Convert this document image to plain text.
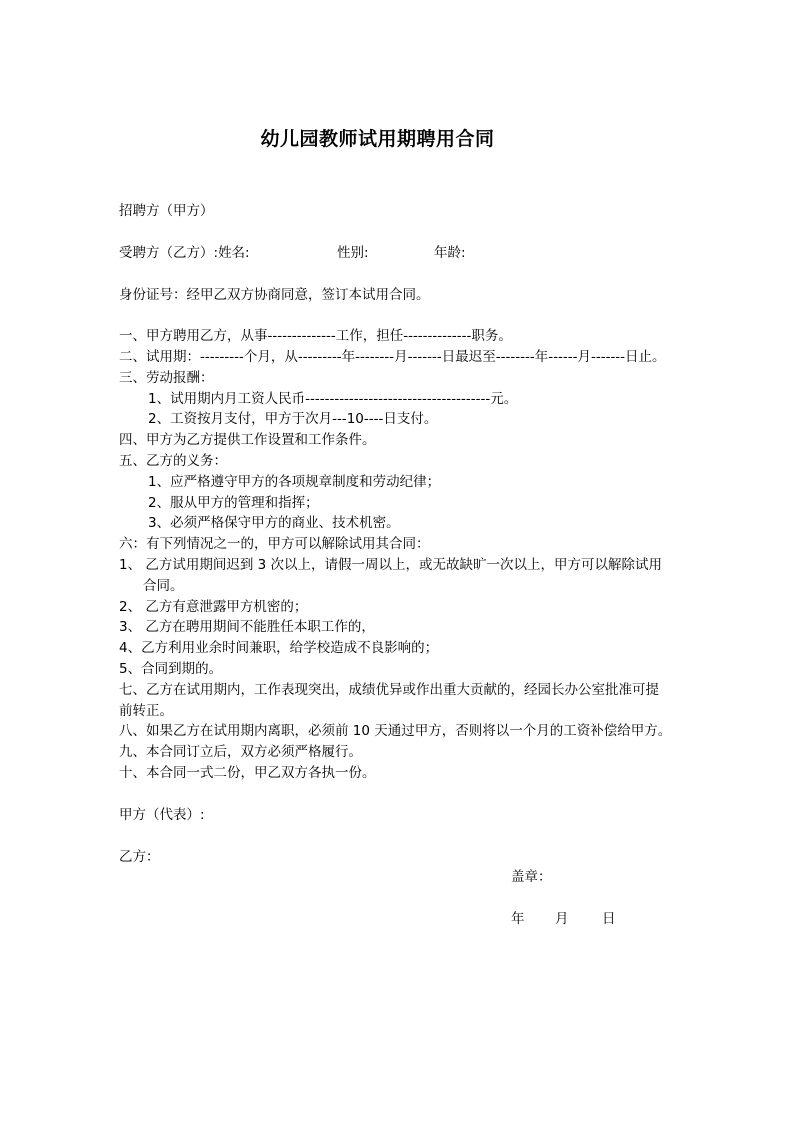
幼儿园教师试用期聘用合同
招聘方（甲方）
受聘方（乙方）:姓名:	性别:	年龄:
身份证号：经甲乙双方协商同意，签订本试用合同。
一、甲方聘用乙方，从事--------------工作，担任--------------职务。
二、试用期：---------个月，从---------年--------月-------日最迟至--------年------月-------日止。
三、劳动报酬：
1、试用期内月工资人民币--------------------------------------元。
2、工资按月支付，甲方于次月---10----日支付。
四、甲方为乙方提供工作设置和工作条件。
五、乙方的义务：
1、应严格遵守甲方的各项规章制度和劳动纪律；
2、服从甲方的管理和指挥；
3、必须严格保守甲方的商业、技术机密。
六：有下列情况之一的，甲方可以解除试用其合同：
1、 乙方试用期间迟到 3 次以上，请假一周以上，或无故缺旷一次以上，甲方可以解除试用
合同。
2、 乙方有意泄露甲方机密的；
3、 乙方在聘用期间不能胜任本职工作的，
4、乙方利用业余时间兼职，给学校造成不良影响的；
5、合同到期的。
七、乙方在试用期内，工作表现突出，成绩优异或作出重大贡献的，经园长办公室批准可提
前转正。
八、如果乙方在试用期内离职，必须前 10 天通过甲方，否则将以一个月的工资补偿给甲方。
九、本合同订立后，双方必须严格履行。
十、本合同一式二份，甲乙双方各执一份。
甲方（代表）:
乙方：
盖章：
年 月 日
